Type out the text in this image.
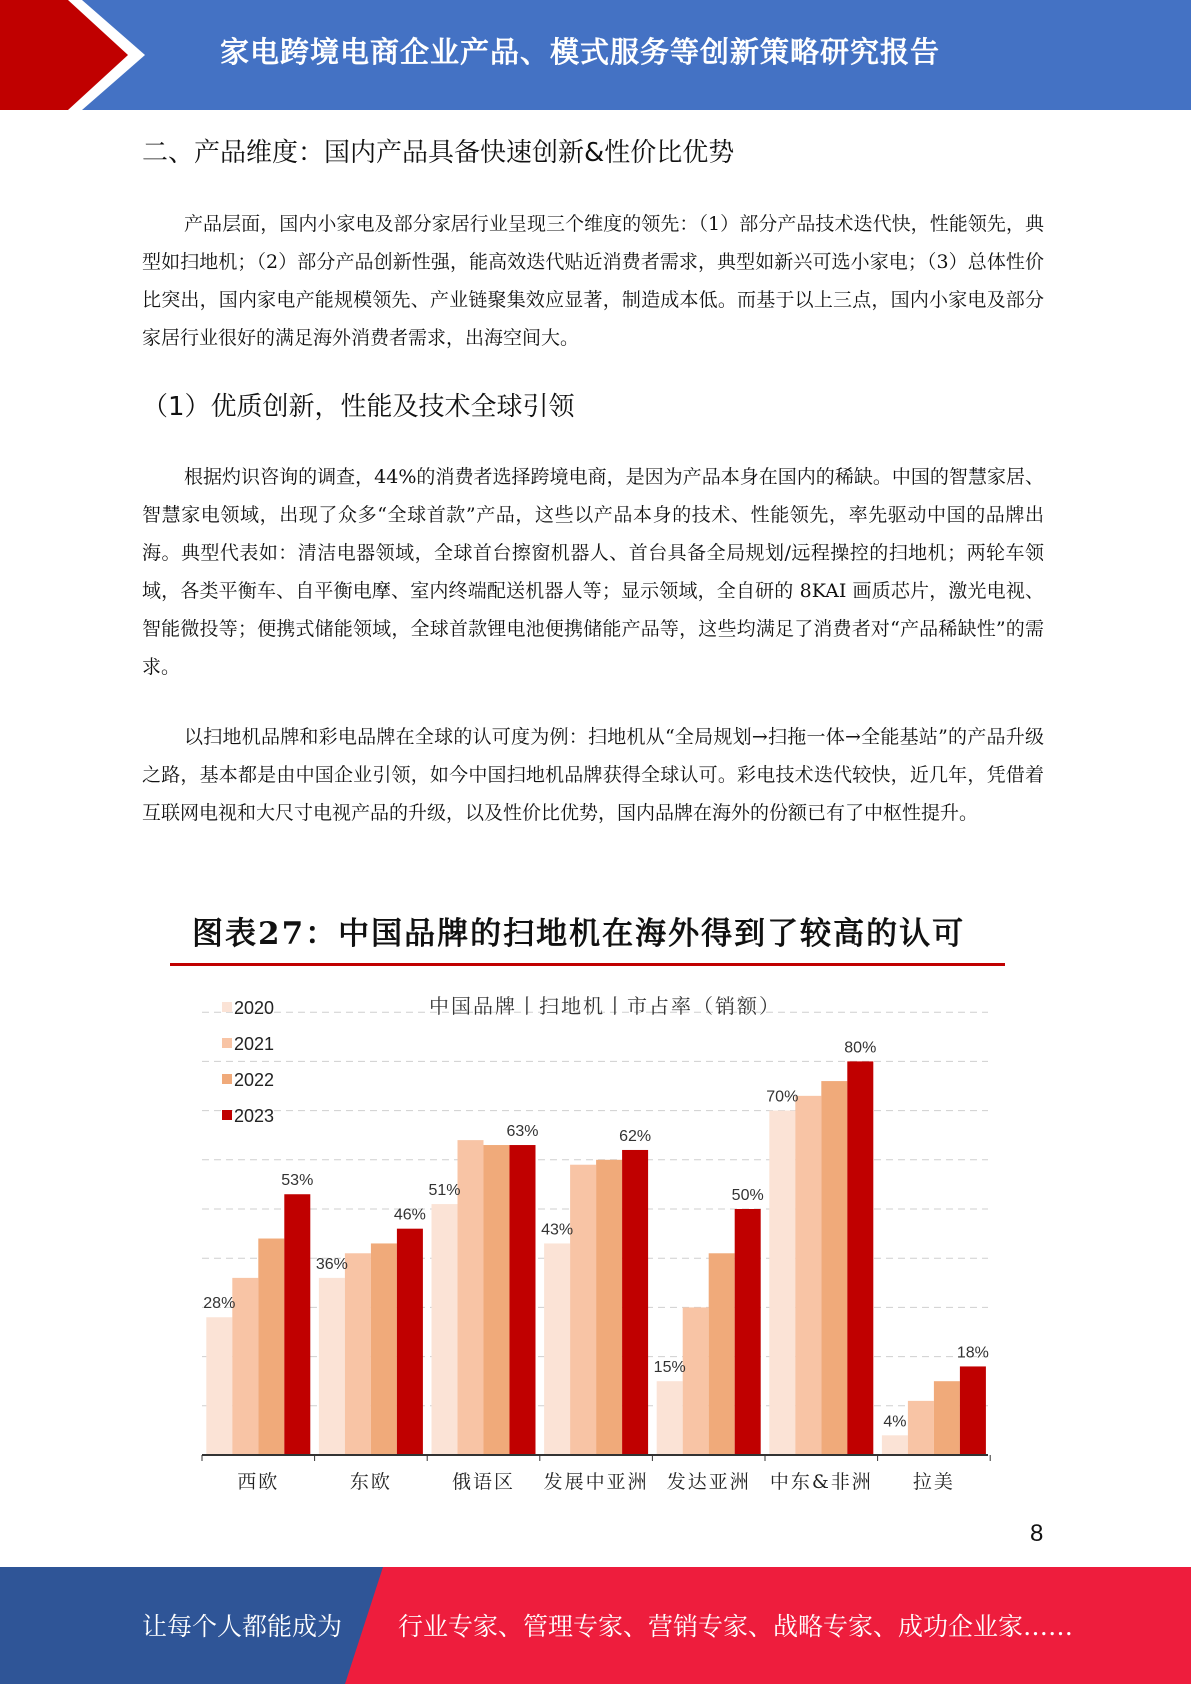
家电跨境电商企业产品、模式服务等创新策略研究报告
二、产品维度：国内产品具备快速创新&性价比优势

产品层面，国内小家电及部分家居行业呈现三个维度的领先：（1）部分产品技术迭代快，性能领先，典型如扫地机；（2）部分产品创新性强，能高效迭代贴近消费者需求，典型如新兴可选小家电；（3）总体性价比突出，国内家电产能规模领先、产业链聚集效应显著，制造成本低。而基于以上三点，国内小家电及部分家居行业很好的满足海外消费者需求，出海空间大。

（1）优质创新，性能及技术全球引领

根据灼识咨询的调查，44%的消费者选择跨境电商，是因为产品本身在国内的稀缺。中国的智慧家居、智慧家电领域，出现了众多“全球首款”产品，这些以产品本身的技术、性能领先，率先驱动中国的品牌出海。典型代表如：清洁电器领域，全球首台擦窗机器人、首台具备全局规划/远程操控的扫地机；两轮车领域，各类平衡车、自平衡电摩、室内终端配送机器人等；显示领域，全自研的 8KAI 画质芯片，激光电视、智能微投等；便携式储能领域，全球首款锂电池便携储能产品等，这些均满足了消费者对“产品稀缺性”的需求。

以扫地机品牌和彩电品牌在全球的认可度为例：扫地机从“全局规划→扫拖一体→全能基站”的产品升级之路，基本都是由中国企业引领，如今中国扫地机品牌获得全球认可。彩电技术迭代较快，近几年，凭借着互联网电视和大尺寸电视产品的升级，以及性价比优势，国内品牌在海外的份额已有了中枢性提升。

图表27：中国品牌的扫地机在海外得到了较高的认可
中国品牌丨扫地机丨市占率（销额）
西欧	东欧	俄语区 发展中亚洲 发达亚洲 中东&非洲 拉美
28%
53%
36%
46%
51%
63%
43%
62%
15%
50%
70%
80%
4%
18%
2020
2021
2022
2023
8
让每个人都能成为 行业专家、管理专家、营销专家、战略专家、成功企业家……
